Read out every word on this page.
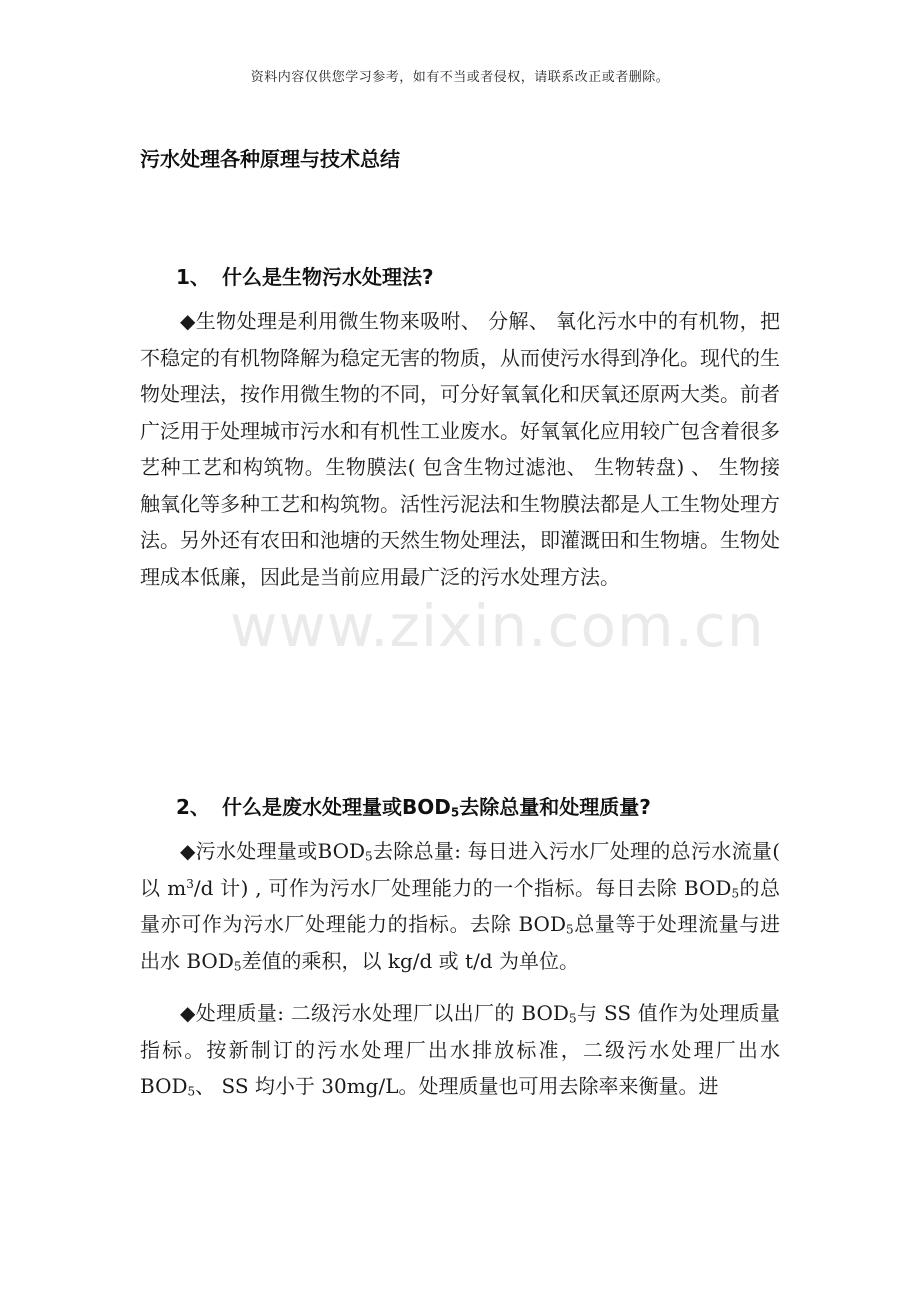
资料内容仅供您学习参考，如有不当或者侵权，请联系改正或者删除。
污水处理各种原理与技术总结
1、 什么是生物污水处理法?

◆生物处理是利用微生物来吸咐、 分解、 氧化污水中的有机物，把不稳定的有机物降解为稳定无害的物质，从而使污水得到净化。现代的生物处理法，按作用微生物的不同，可分好氧氧化和厌氧还原两大类。前者广泛用于处理城市污水和有机性工业废水。好氧氧化应用较广包含着很多艺种工艺和构筑物。生物膜法( 包含生物过滤池、 生物转盘) 、 生物接触氧化等多种工艺和构筑物。活性污泥法和生物膜法都是人工生物处理方法。另外还有农田和池塘的天然生物处理法，即灌溉田和生物塘。生物处理成本低廉，因此是当前应用最广泛的污水处理方法。

2、 什么是废水处理量或$BOD_5$去除总量和处理质量?

◆污水处理量或$BOD_5$去除总量: 每日进入污水厂处理的总污水流量( 以 $m^3/d$ 计) , 可作为污水厂处理能力的一个指标。每日去除 $BOD_5$的总量亦可作为污水厂处理能力的指标。去除 $BOD_5$总量等于处理流量与进出水 $BOD_5$差值的乘积，以 kg/d 或 t/d 为单位。

◆处理质量: 二级污水处理厂以出厂的 $BOD_5$与 SS 值作为处理质量指标。按新制订的污水处理厂出水排放标准，二级污水处理厂出水 $BOD_5$、 SS 均小于 30mg/L。处理质量也可用去除率来衡量。进

www.zixin.com.cn
